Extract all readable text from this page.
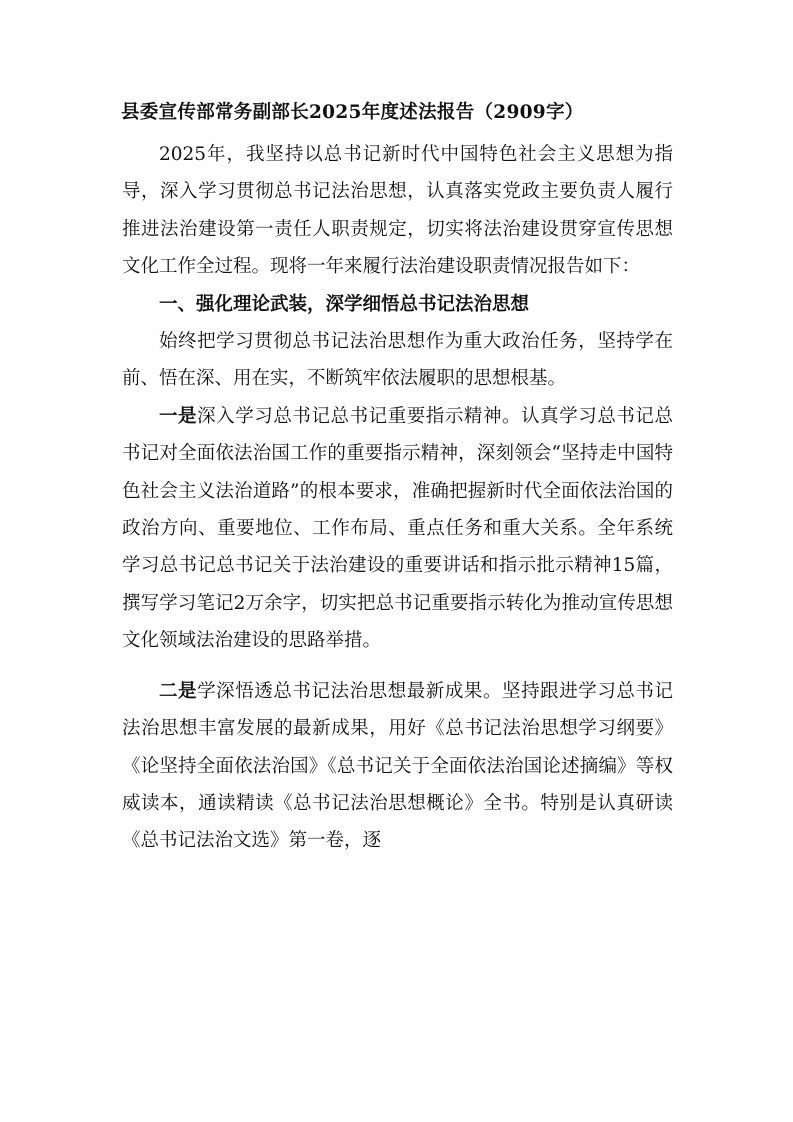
县委宣传部常务副部长2025年度述法报告（2909字）

2025年，我坚持以总书记新时代中国特色社会主义思想为指导，深入学习贯彻总书记法治思想，认真落实党政主要负责人履行推进法治建设第一责任人职责规定，切实将法治建设贯穿宣传思想文化工作全过程。现将一年来履行法治建设职责情况报告如下：

一、强化理论武装，深学细悟总书记法治思想

始终把学习贯彻总书记法治思想作为重大政治任务，坚持学在前、悟在深、用在实，不断筑牢依法履职的思想根基。

一是深入学习总书记总书记重要指示精神。认真学习总书记总书记对全面依法治国工作的重要指示精神，深刻领会“坚持走中国特色社会主义法治道路”的根本要求，准确把握新时代全面依法治国的政治方向、重要地位、工作布局、重点任务和重大关系。全年系统学习总书记总书记关于法治建设的重要讲话和指示批示精神15篇，撰写学习笔记2万余字，切实把总书记重要指示转化为推动宣传思想文化领域法治建设的思路举措。

二是学深悟透总书记法治思想最新成果。坚持跟进学习总书记法治思想丰富发展的最新成果，用好《总书记法治思想学习纲要》《论坚持全面依法治国》《总书记关于全面依法治国论述摘编》等权威读本，通读精读《总书记法治思想概论》全书。特别是认真研读《总书记法治文选》第一卷，逐
